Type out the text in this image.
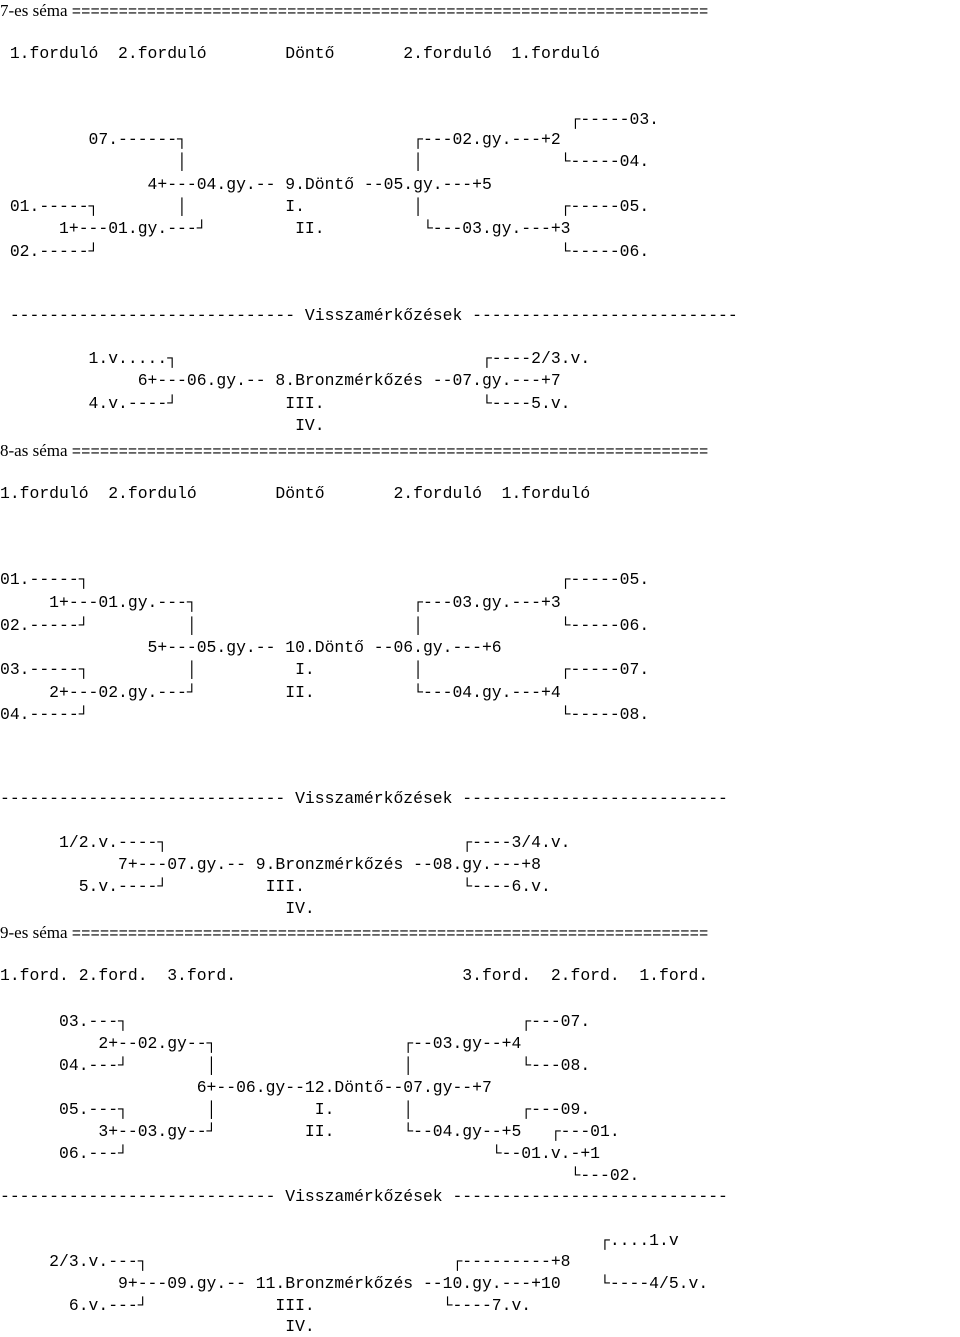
7-es séma ====================================================================
1.forduló  2.forduló        Döntő       2.forduló  1.forduló
┌-----03.
07.------┐                       ┌---02.gy.---+2
│                       │              └-----04.
4+---04.gy.-- 9.Döntő --05.gy.---+5
01.-----┐        │          I.           │              ┌-----05.
1+---01.gy.---┘         II.          └---03.gy.---+3
02.-----┘                                               └-----06.
----------------------------- Visszamérkőzések ---------------------------
1.v.....┐                               ┌----2/3.v.
6+---06.gy.-- 8.Bronzmérkőzés --07.gy.---+7
4.v.----┘           III.                └----5.v.
IV.
8-as séma ====================================================================
1.forduló  2.forduló        Döntő       2.forduló  1.forduló
01.-----┐                                                ┌-----05.
1+---01.gy.---┐                      ┌---03.gy.---+3
02.-----┘          │                      │              └-----06.
5+---05.gy.-- 10.Döntő --06.gy.---+6
03.-----┐          │          I.          │              ┌-----07.
2+---02.gy.---┘         II.          └---04.gy.---+4
04.-----┘                                                └-----08.
----------------------------- Visszamérkőzések ---------------------------
1/2.v.----┐                              ┌----3/4.v.
7+---07.gy.-- 9.Bronzmérkőzés --08.gy.---+8
5.v.----┘          III.                └----6.v.
IV.
9-es séma ====================================================================
1.ford. 2.ford.  3.ford.                       3.ford.  2.ford.  1.ford.
03.---┐                                        ┌---07.
2+--02.gy--┐                   ┌--03.gy--+4
04.---┘        │                   │           └---08.
6+--06.gy--12.Döntő--07.gy--+7
05.---┐        │          I.       │           ┌---09.
3+--03.gy--┘         II.       └--04.gy--+5   ┌---01.
06.---┘                                     └--01.v.-+1
└---02.
---------------------------- Visszamérkőzések ----------------------------
┌....1.v
2/3.v.---┐                               ┌---------+8
9+---09.gy.-- 11.Bronzmérkőzés --10.gy.---+10    └----4/5.v.
6.v.---┘             III.             └----7.v.
IV.
